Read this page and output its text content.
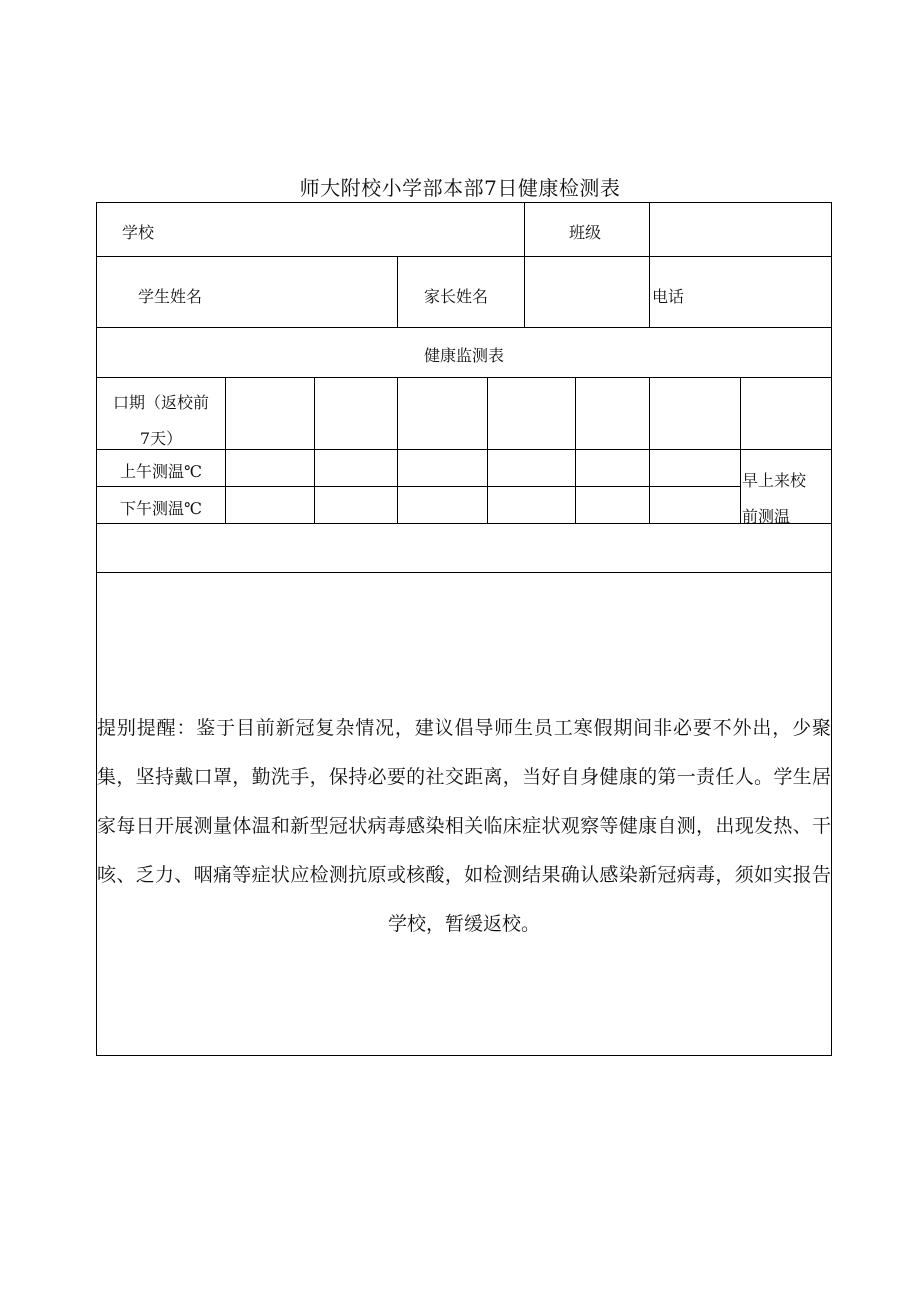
师大附校小学部本部7日健康检测表
学校	班级
学生姓名	家长姓名	电话
健康监测表
口期（返校前
7天）
上午测温℃
下午测温℃
早上来校
前测温
提别提醒：鉴于目前新冠复杂情况，建议倡导师生员工寒假期间非必要不外出，少聚集，坚持戴口罩，勤洗手，保持必要的社交距离，当好自身健康的第一责任人。学生居家每日开展测量体温和新型冠状病毒感染相关临床症状观察等健康自测，出现发热、干咳、乏力、咽痛等症状应检测抗原或核酸，如检测结果确认感染新冠病毒，须如实报告学校，暂缓返校。
